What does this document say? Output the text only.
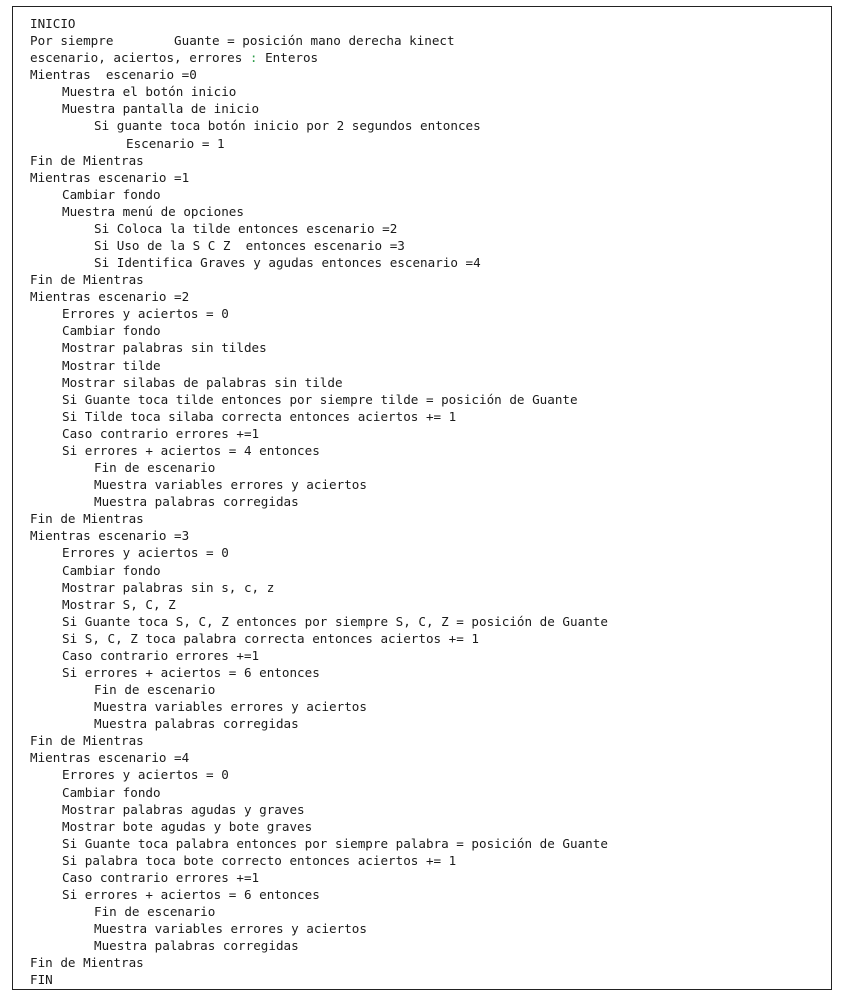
INICIO
Por siempre        Guante = posición mano derecha kinect
escenario, aciertos, errores : Enteros
Mientras  escenario =0
Muestra el botón inicio
Muestra pantalla de inicio
Si guante toca botón inicio por 2 segundos entonces
Escenario = 1
Fin de Mientras
Mientras escenario =1
Cambiar fondo
Muestra menú de opciones
Si Coloca la tilde entonces escenario =2
Si Uso de la S C Z  entonces escenario =3
Si Identifica Graves y agudas entonces escenario =4
Fin de Mientras
Mientras escenario =2
Errores y aciertos = 0
Cambiar fondo
Mostrar palabras sin tildes
Mostrar tilde
Mostrar silabas de palabras sin tilde
Si Guante toca tilde entonces por siempre tilde = posición de Guante
Si Tilde toca silaba correcta entonces aciertos += 1
Caso contrario errores +=1
Si errores + aciertos = 4 entonces
Fin de escenario
Muestra variables errores y aciertos
Muestra palabras corregidas
Fin de Mientras
Mientras escenario =3
Errores y aciertos = 0
Cambiar fondo
Mostrar palabras sin s, c, z
Mostrar S, C, Z
Si Guante toca S, C, Z entonces por siempre S, C, Z = posición de Guante
Si S, C, Z toca palabra correcta entonces aciertos += 1
Caso contrario errores +=1
Si errores + aciertos = 6 entonces
Fin de escenario
Muestra variables errores y aciertos
Muestra palabras corregidas
Fin de Mientras
Mientras escenario =4
Errores y aciertos = 0
Cambiar fondo
Mostrar palabras agudas y graves
Mostrar bote agudas y bote graves
Si Guante toca palabra entonces por siempre palabra = posición de Guante
Si palabra toca bote correcto entonces aciertos += 1
Caso contrario errores +=1
Si errores + aciertos = 6 entonces
Fin de escenario
Muestra variables errores y aciertos
Muestra palabras corregidas
Fin de Mientras
FIN
